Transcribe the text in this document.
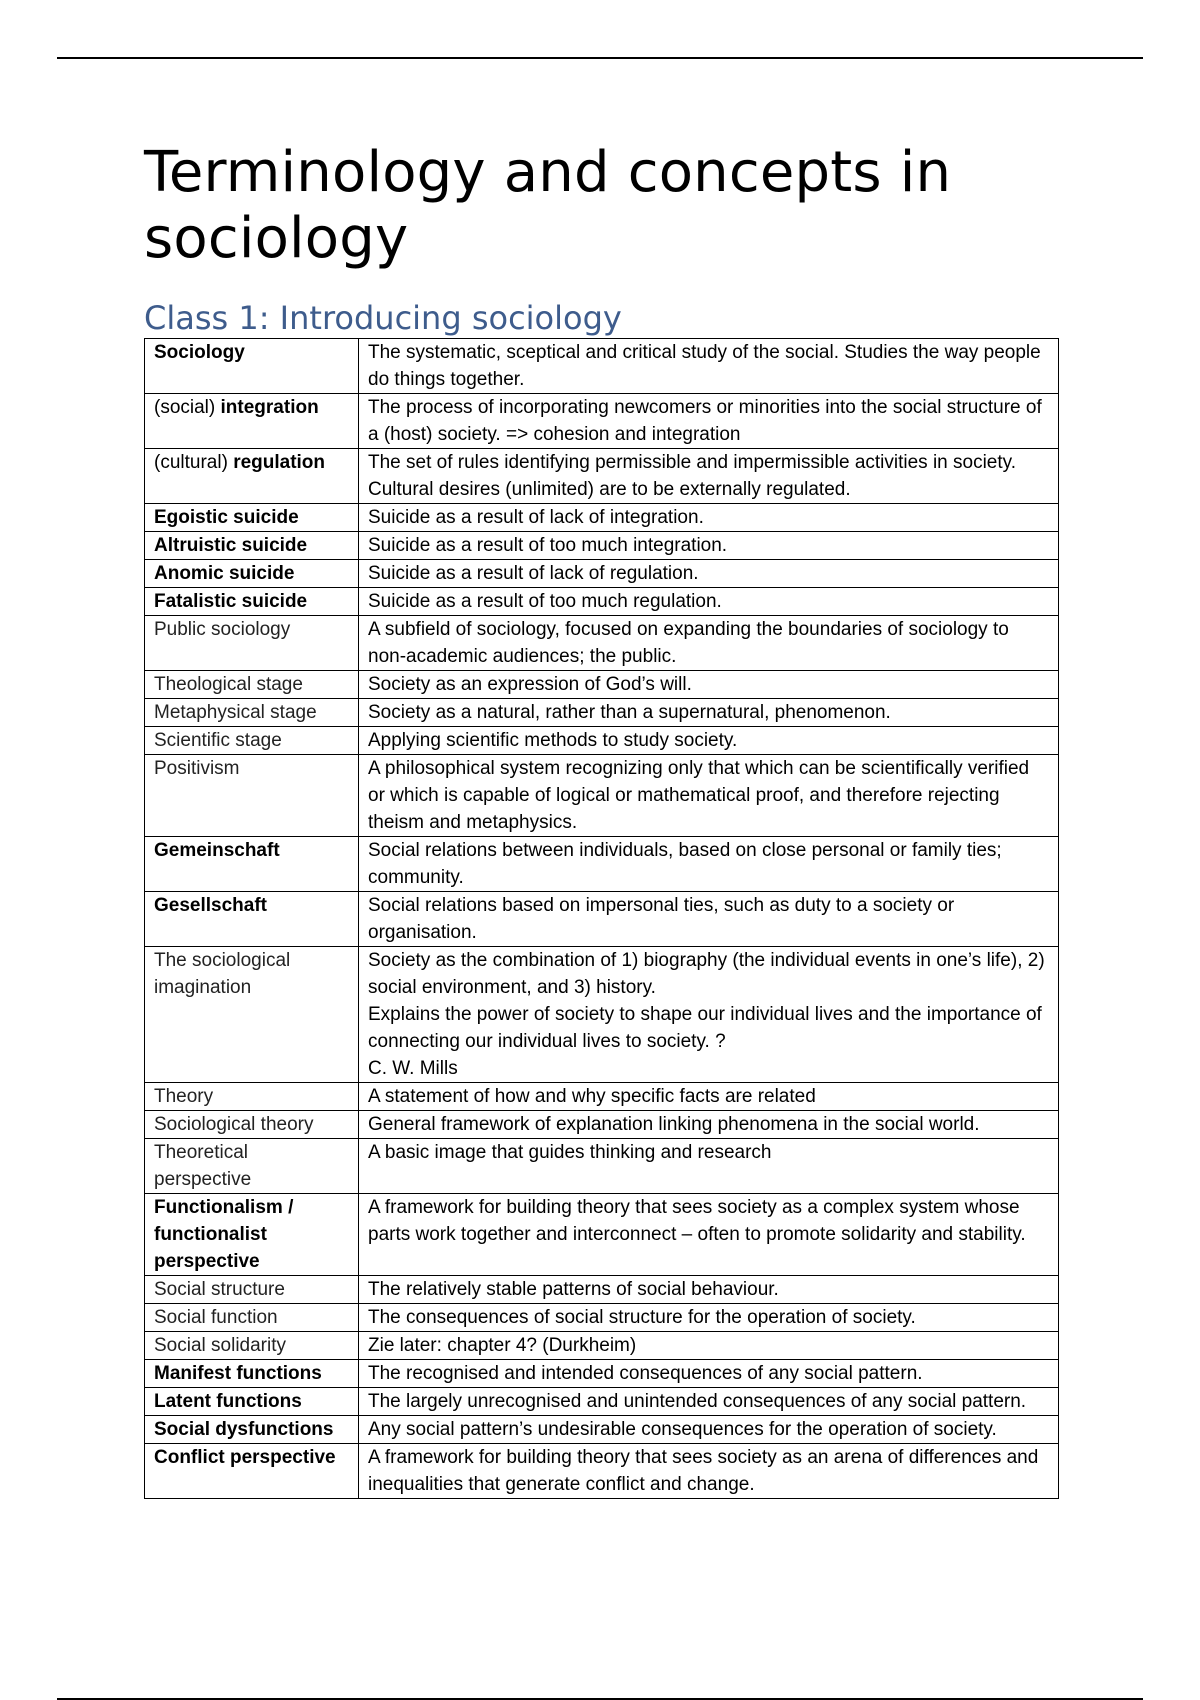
Terminology and concepts in sociology
Class 1: Introducing sociology
Sociology	The systematic, sceptical and critical study of the social. Studies the way people do things together.

(social) integration	The process of incorporating newcomers or minorities into the social structure of a (host) society. => cohesion and integration

(cultural) regulation	The set of rules identifying permissible and impermissible activities in society. Cultural desires (unlimited) are to be externally regulated.

Egoistic suicide	Suicide as a result of lack of integration.

Altruistic suicide	Suicide as a result of too much integration.

Anomic suicide	Suicide as a result of lack of regulation.

Fatalistic suicide	Suicide as a result of too much regulation.

Public sociology	A subfield of sociology, focused on expanding the boundaries of sociology to non-academic audiences; the public.

Theological stage	Society as an expression of God’s will.

Metaphysical stage	Society as a natural, rather than a supernatural, phenomenon.

Scientific stage	Applying scientific methods to study society.

Positivism	A philosophical system recognizing only that which can be scientifically verified or which is capable of logical or mathematical proof, and therefore rejecting theism and metaphysics.

Gemeinschaft	Social relations between individuals, based on close personal or family ties; community.

Gesellschaft	Social relations based on impersonal ties, such as duty to a society or organisation.

The sociological imagination	Society as the combination of 1) biography (the individual events in one’s life), 2) social environment, and 3) history.

Explains the power of society to shape our individual lives and the importance of connecting our individual lives to society. ?

C. W. Mills

Theory	A statement of how and why specific facts are related

Sociological theory	General framework of explanation linking phenomena in the social world.

Theoretical perspective	A basic image that guides thinking and research

Functionalism / functionalist perspective	A framework for building theory that sees society as a complex system whose parts work together and interconnect – often to promote solidarity and stability.

Social structure	The relatively stable patterns of social behaviour.

Social function	The consequences of social structure for the operation of society.

Social solidarity	Zie later: chapter 4? (Durkheim)

Manifest functions	The recognised and intended consequences of any social pattern.

Latent functions	The largely unrecognised and unintended consequences of any social pattern.

Social dysfunctions	Any social pattern’s undesirable consequences for the operation of society.

Conflict perspective	A framework for building theory that sees society as an arena of differences and inequalities that generate conflict and change.
